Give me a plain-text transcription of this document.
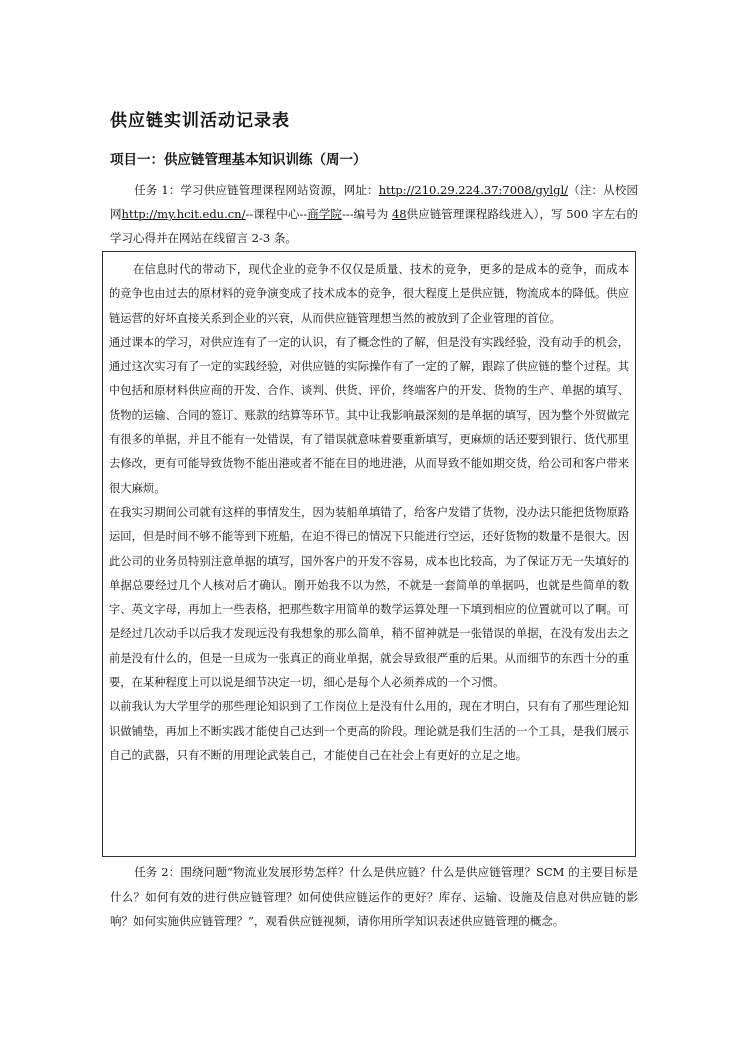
供应链实训活动记录表
项目一：供应链管理基本知识训练（周一）
任务 1：学习供应链管理课程网站资源，网址：http://210.29.224.37:7008/gylgl/（注：从校园网http://my.hcit.edu.cn/--课程中心--商学院---编号为 48供应链管理课程路线进入），写 500 字左右的学习心得并在网站在线留言 2-3 条。

在信息时代的带动下，现代企业的竞争不仅仅是质量、技术的竞争，更多的是成本的竞争，而成本的竞争也由过去的原材料的竞争演变成了技术成本的竞争，很大程度上是供应链，物流成本的降低。供应链运营的好坏直接关系到企业的兴衰，从而供应链管理想当然的被放到了企业管理的首位。

通过课本的学习，对供应连有了一定的认识，有了概念性的了解，但是没有实践经验，没有动手的机会，通过这次实习有了一定的实践经验，对供应链的实际操作有了一定的了解，跟踪了供应链的整个过程。其中包括和原材料供应商的开发、合作、谈判、供货、评价，终端客户的开发、货物的生产、单据的填写、货物的运输、合同的签订、账款的结算等环节。其中让我影响最深刻的是单据的填写，因为整个外贸做完有很多的单据，并且不能有一处错误，有了错误就意味着要重新填写，更麻烦的话还要到银行、货代那里去修改，更有可能导致货物不能出港或者不能在目的地进港，从而导致不能如期交货，给公司和客户带来很大麻烦。

在我实习期间公司就有这样的事情发生，因为装船单填错了，给客户发错了货物，没办法只能把货物原路运回，但是时间不够不能等到下班船，在迫不得已的情况下只能进行空运，还好货物的数量不是很大。因此公司的业务员特别注意单据的填写，国外客户的开发不容易，成本也比较高，为了保证万无一失填好的单据总要经过几个人核对后才确认。刚开始我不以为然，不就是一套简单的单据吗，也就是些简单的数字、英文字母，再加上一些表格，把那些数字用简单的数学运算处理一下填到相应的位置就可以了啊。可是经过几次动手以后我才发现远没有我想象的那么简单，稍不留神就是一张错误的单据，在没有发出去之前是没有什么的，但是一旦成为一张真正的商业单据，就会导致很严重的后果。从而细节的东西十分的重要，在某种程度上可以说是细节决定一切，细心是每个人必须养成的一个习惯。

以前我认为大学里学的那些理论知识到了工作岗位上是没有什么用的，现在才明白，只有有了那些理论知识做铺垫，再加上不断实践才能使自己达到一个更高的阶段。理论就是我们生活的一个工具，是我们展示自己的武器，只有不断的用理论武装自己，才能使自己在社会上有更好的立足之地。

任务 2：围绕问题“物流业发展形势怎样？什么是供应链？什么是供应链管理？SCM 的主要目标是什么？如何有效的进行供应链管理？如何使供应链运作的更好？库存、运输、设施及信息对供应链的影响？如何实施供应链管理？”，观看供应链视频，请你用所学知识表述供应链管理的概念。
